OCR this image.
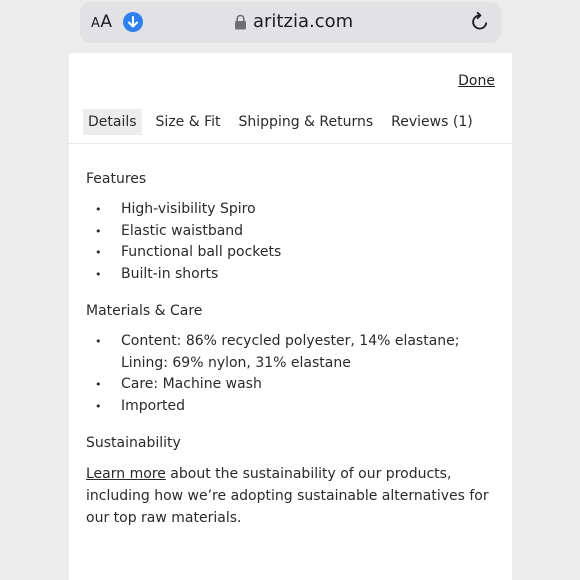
AA	aritzia.com
Done
Details	Size & Fit Shipping & Returns Reviews (1)
Features
• High-visibility Spiro
• Elastic waistband
• Functional ball pockets
• Built-in shorts
Materials & Care
• Content: 86% recycled polyester, 14% elastane; Lining: 69% nylon, 31% elastane
• Care: Machine wash
• Imported
Sustainability
Learn more about the sustainability of our products, including how we’re adopting sustainable alternatives for our top raw materials.
